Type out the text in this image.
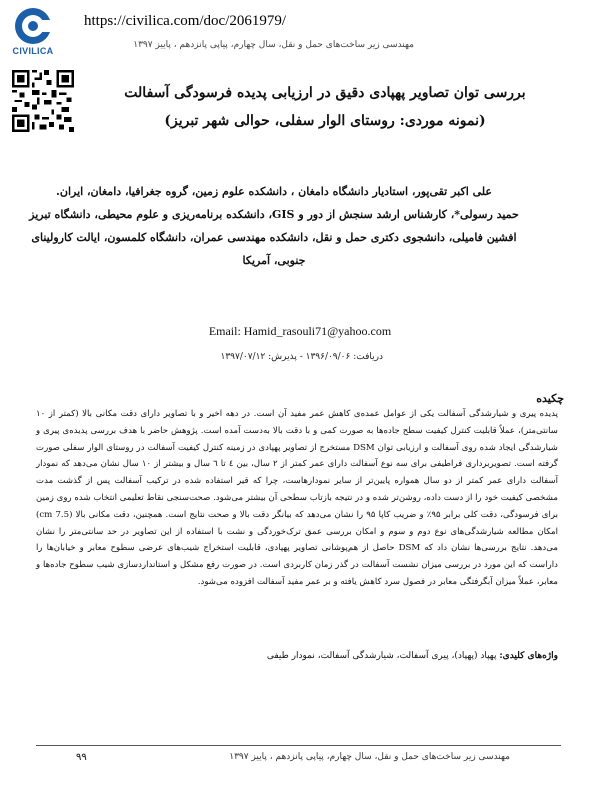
CIVILICA
https://civilica.com/doc/2061979/
مهندسی زیر ساخت‌های حمل و نقل، سال چهارم، پیاپی پانزدهم ، پاییز ۱۳۹۷
بررسی توان تصاویر پهپادی دقیق در ارزیابی پدیده فرسودگی آسفالت
(نمونه موردی: روستای الوار سفلی، حوالی شهر تبریز)

علی اکبر تقی‌پور، استادیار دانشگاه دامغان ، دانشکده علوم زمین، گروه جغرافیا، دامغان، ایران.

حمید رسولی*، کارشناس ارشد سنجش از دور و GIS، دانشکده برنامه‌ریزی و علوم محیطی، دانشگاه تبریز

افشین فامیلی، دانشجوی دکتری حمل و نقل، دانشکده مهندسی عمران، دانشگاه کلمسون، ایالت کارولینای جنوبی، آمریکا

Email: Hamid_rasouli71@yahoo.com
دریافت: ۱۳۹۶/۰۹/۰۶ - پذیرش: ۱۳۹۷/۰۷/۱۲
چکیده
پدیده پیری و شیارشدگی آسفالت یکی از عوامل عمده‌ی کاهش عمر مفید آن است. در دهه اخیر و با تصاویر دارای دقت مکانی بالا (کمتر از ۱۰ سانتی‌متر)، عملاً قابلیت کنترل کیفیت سطح جاده‌ها به صورت کمی و با دقت بالا به‌دست آمده است. پژوهش حاضر با هدف بررسی پدیده‌ی پیری و شیارشدگی ایجاد شده روی آسفالت و ارزیابی توان DSM مستخرج از تصاویر پهپادی در زمینه کنترل کیفیت آسفالت در روستای الوار سفلی صورت گرفته است. تصویربرداری فراطیفی برای سه نوع آسفالت دارای عمر کمتر از ۲ سال، بین ٤ تا ٦ سال و بیشتر از ۱۰ سال نشان می‌دهد که نمودار آسفالت دارای عمر کمتر از دو سال همواره پایین‌تر از سایر نمودارهاست، چرا که قیر استفاده شده در ترکیب آسفالت پس از گذشت مدت مشخصی کیفیت خود را از دست داده، روشن‌تر شده و در نتیجه بازتاب سطحی آن بیشتر می‌شود. صحت‌سنجی نقاط تعلیمی انتخاب شده روی زمین برای فرسودگی، دقت کلی برابر ۹۵٪ و ضریب کاپا ۹۵ را نشان می‌دهد که بیانگر دقت بالا و صحت نتایج است. همچنین، دقت مکانی بالا (7.5 cm) امکان مطالعه شیارشدگی‌های نوع دوم و سوم و امکان بررسی عمق ترک‌خوردگی و نشت با استفاده از این تصاویر در حد سانتی‌متر را نشان می‌دهد. نتایج بررسی‌ها نشان داد که DSM حاصل از هم‌پوشانی تصاویر پهپادی، قابلیت استخراج شیب‌های عرضی سطوح معابر و خیابان‌ها را داراست که این مورد در بررسی میزان نشست آسفالت در گذر زمان کاربردی است. در صورت رفع مشکل و استانداردسازی شیب سطوح جاده‌ها و معابر، عملاً میزان آبگرفتگی معابر در فصول سرد کاهش یافته و بر عمر مفید آسفالت افزوده می‌شود.
واژه‌های کلیدی: پهپاد (پهپاد)، پیری آسفالت، شیارشدگی آسفالت، نمودار طیفی
۹۹	مهندسی زیر ساخت‌های حمل و نقل، سال چهارم، پیاپی پانزدهم ، پاییز ۱۳۹۷
